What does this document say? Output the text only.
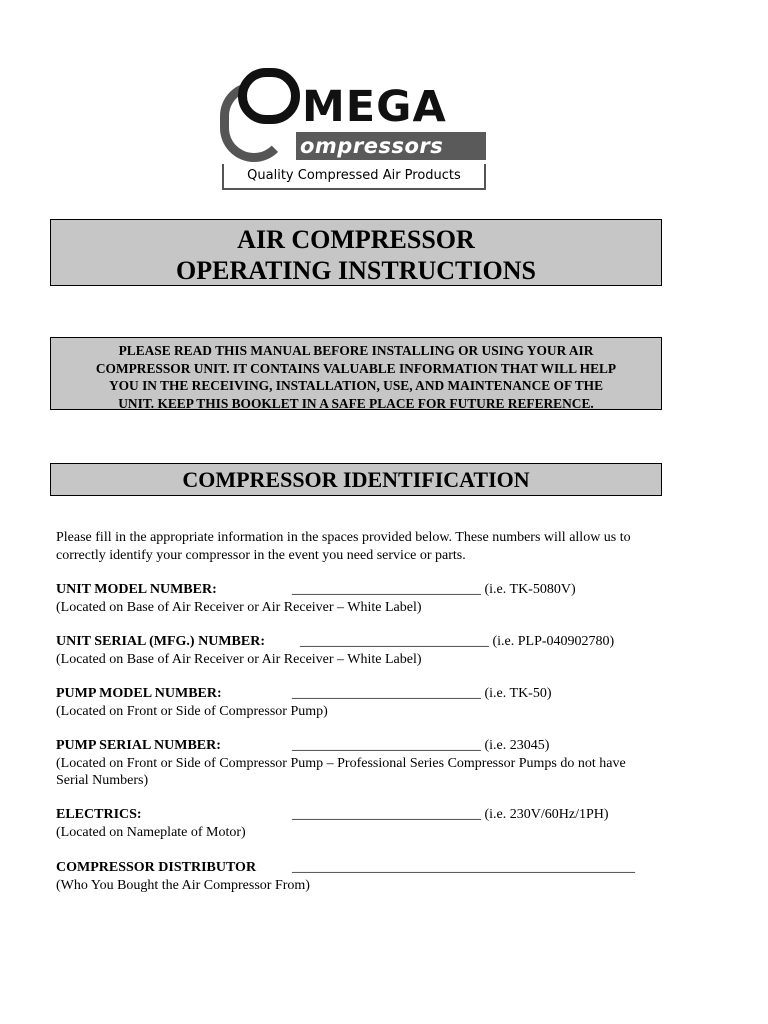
MEGA
ompressors
Quality Compressed Air Products
AIR COMPRESSOR
OPERATING INSTRUCTIONS
PLEASE READ THIS MANUAL BEFORE INSTALLING OR USING YOUR AIR
COMPRESSOR UNIT. IT CONTAINS VALUABLE INFORMATION THAT WILL HELP
YOU IN THE RECEIVING, INSTALLATION, USE, AND MAINTENANCE OF THE
UNIT. KEEP THIS BOOKLET IN A SAFE PLACE FOR FUTURE REFERENCE.
COMPRESSOR IDENTIFICATION
Please fill in the appropriate information in the spaces provided below. These numbers will allow us to correctly identify your compressor in the event you need service or parts.
UNIT MODEL NUMBER:	___________________________ (i.e. TK-5080V)
(Located on Base of Air Receiver or Air Receiver – White Label)
UNIT SERIAL (MFG.) NUMBER:	___________________________ (i.e. PLP-040902780)
(Located on Base of Air Receiver or Air Receiver – White Label)
PUMP MODEL NUMBER:	___________________________ (i.e. TK-50)
(Located on Front or Side of Compressor Pump)
PUMP SERIAL NUMBER:	___________________________ (i.e. 23045)
(Located on Front or Side of Compressor Pump – Professional Series Compressor Pumps do not have Serial Numbers)
ELECTRICS:	___________________________ (i.e. 230V/60Hz/1PH)
(Located on Nameplate of Motor)
COMPRESSOR DISTRIBUTOR	_________________________________________________
(Who You Bought the Air Compressor From)
